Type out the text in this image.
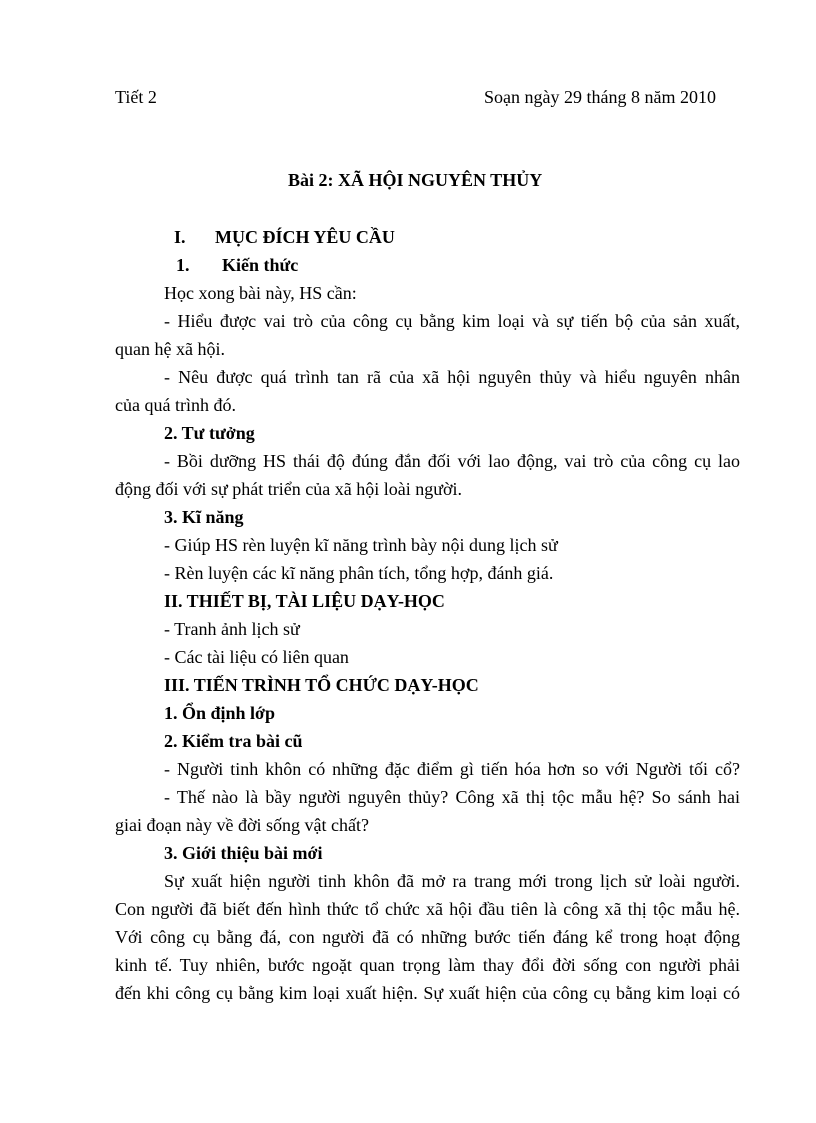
Tiết 2	Soạn ngày 29 tháng 8 năm 2010
Bài 2: XÃ HỘI NGUYÊN THỦY
I. MỤC ĐÍCH YÊU CẦU
1. Kiến thức
Học xong bài này, HS cần:
- Hiểu được vai trò của công cụ bằng kim loại và sự tiến bộ của sản xuất,
quan hệ xã hội.
- Nêu được quá trình tan rã của xã hội nguyên thủy và hiểu nguyên nhân
của quá trình đó.
2. Tư tưởng
- Bồi dưỡng HS thái độ đúng đắn đối với lao động, vai trò của công cụ lao
động đối với sự phát triển của xã hội loài người.
3. Kĩ năng
- Giúp HS rèn luyện kĩ năng trình bày nội dung lịch sử
- Rèn luyện các kĩ năng phân tích, tổng hợp, đánh giá.
II. THIẾT BỊ, TÀI LIỆU DẠY-HỌC
- Tranh ảnh lịch sử
- Các tài liệu có liên quan
III. TIẾN TRÌNH TỔ CHỨC DẠY-HỌC
1. Ổn định lớp
2. Kiểm tra bài cũ
- Người tinh khôn có những đặc điểm gì tiến hóa hơn so với Người tối cổ?
- Thế nào là bầy người nguyên thủy? Công xã thị tộc mẫu hệ? So sánh hai
giai đoạn này về đời sống vật chất?
3. Giới thiệu bài mới
Sự xuất hiện người tinh khôn đã mở ra trang mới trong lịch sử loài người.
Con người đã biết đến hình thức tổ chức xã hội đầu tiên là công xã thị tộc mẫu hệ.
Với công cụ bằng đá, con người đã có những bước tiến đáng kể trong hoạt động
kinh tế. Tuy nhiên, bước ngoặt quan trọng làm thay đổi đời sống con người phải
đến khi công cụ bằng kim loại xuất hiện. Sự xuất hiện của công cụ bằng kim loại có
